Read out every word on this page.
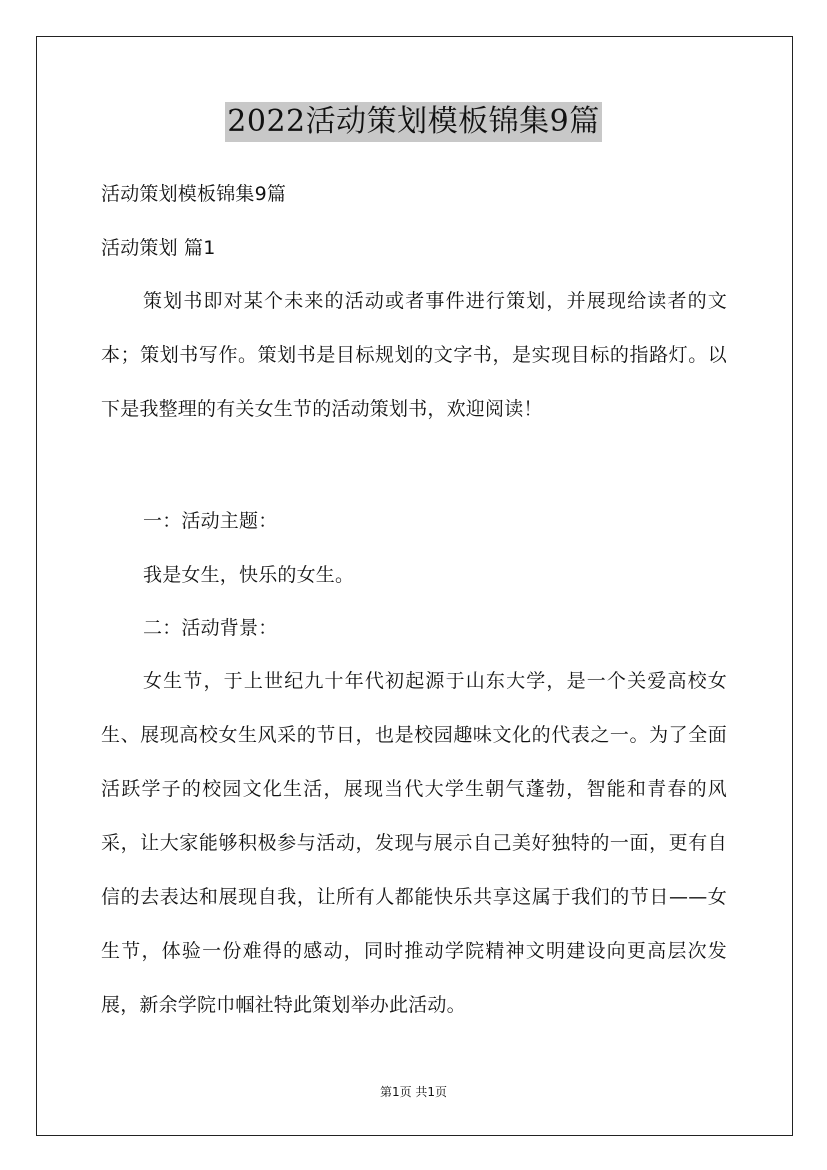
2022活动策划模板锦集9篇
活动策划模板锦集9篇
活动策划 篇1

策划书即对某个未来的活动或者事件进行策划，并展现给读者的文本；策划书写作。策划书是目标规划的文字书，是实现目标的指路灯。以下是我整理的有关女生节的活动策划书，欢迎阅读！

一：活动主题：
我是女生，快乐的女生。
二：活动背景：

女生节，于上世纪九十年代初起源于山东大学，是一个关爱高校女生、展现高校女生风采的节日，也是校园趣味文化的代表之一。为了全面活跃学子的校园文化生活，展现当代大学生朝气蓬勃，智能和青春的风采，让大家能够积极参与活动，发现与展示自己美好独特的一面，更有自信的去表达和展现自我，让所有人都能快乐共享这属于我们的节日——女生节，体验一份难得的感动，同时推动学院精神文明建设向更高层次发展，新余学院巾帼社特此策划举办此活动。

第1页 共1页
